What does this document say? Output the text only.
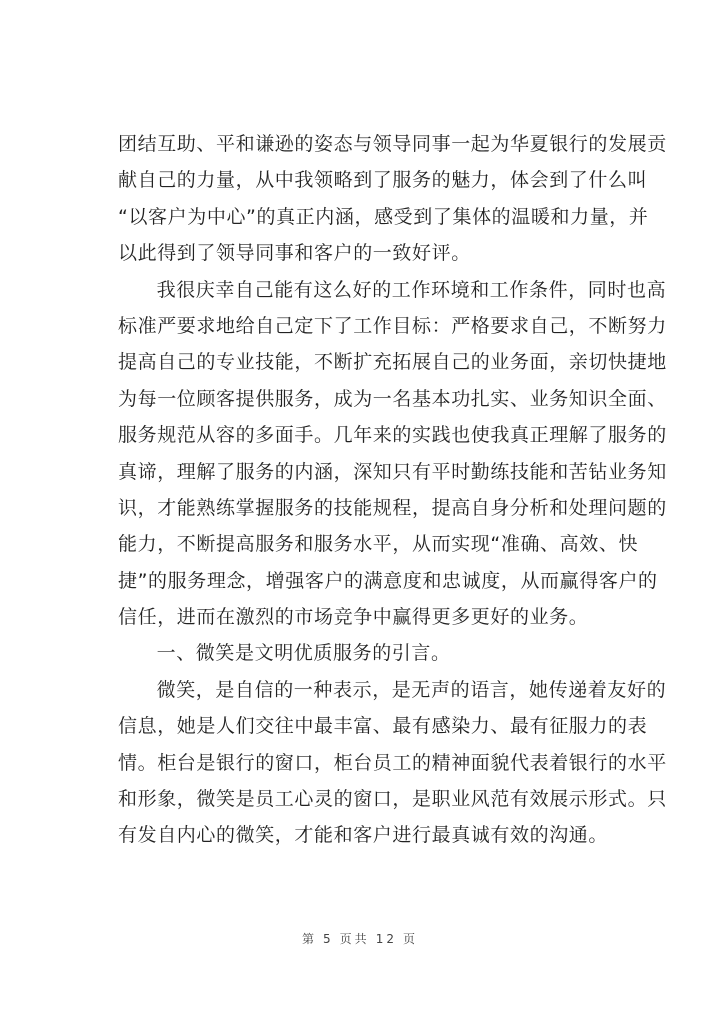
团结互助、平和谦逊的姿态与领导同事一起为华夏银行的发展贡
献自己的力量，从中我领略到了服务的魅力，体会到了什么叫
“以客户为中心”的真正内涵，感受到了集体的温暖和力量，并
以此得到了领导同事和客户的一致好评。
　我很庆幸自己能有这么好的工作环境和工作条件，同时也高
标准严要求地给自己定下了工作目标：严格要求自己，不断努力
提高自己的专业技能，不断扩充拓展自己的业务面，亲切快捷地
为每一位顾客提供服务，成为一名基本功扎实、业务知识全面、
服务规范从容的多面手。几年来的实践也使我真正理解了服务的
真谛，理解了服务的内涵，深知只有平时勤练技能和苦钻业务知
识，才能熟练掌握服务的技能规程，提高自身分析和处理问题的
能力，不断提高服务和服务水平，从而实现“准确、高效、快
捷”的服务理念，增强客户的满意度和忠诚度，从而赢得客户的
信任，进而在激烈的市场竞争中赢得更多更好的业务。
　一、微笑是文明优质服务的引言。
　微笑，是自信的一种表示，是无声的语言，她传递着友好的
信息，她是人们交往中最丰富、最有感染力、最有征服力的表
情。柜台是银行的窗口，柜台员工的精神面貌代表着银行的水平
和形象，微笑是员工心灵的窗口，是职业风范有效展示形式。只
有发自内心的微笑，才能和客户进行最真诚有效的沟通。
第 5 页共 12 页
